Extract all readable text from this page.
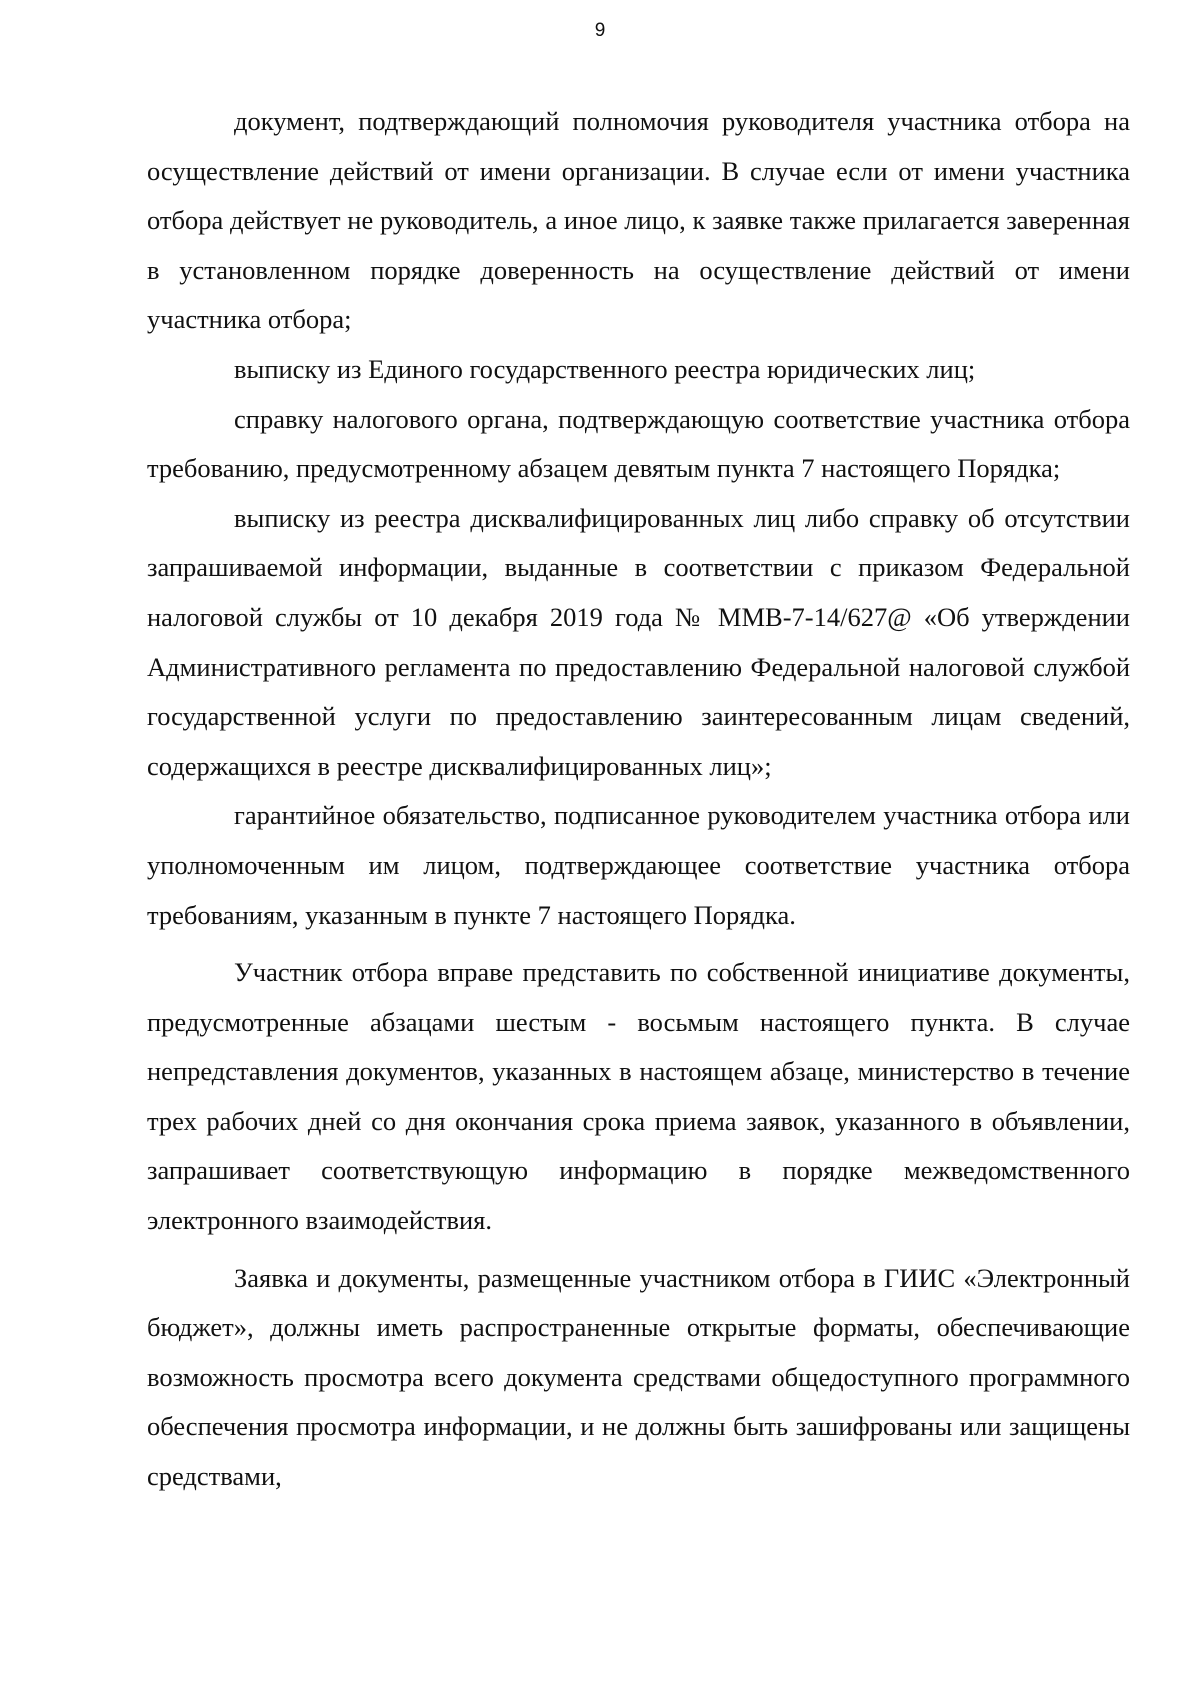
9

документ, подтверждающий полномочия руководителя участника отбора на осуществление действий от имени организации. В случае если от имени участника отбора действует не руководитель, а иное лицо, к заявке также прилагается заверенная в установленном порядке доверенность на осуществление действий от имени участника отбора;

выписку из Единого государственного реестра юридических лиц;

справку налогового органа, подтверждающую соответствие участника отбора требованию, предусмотренному абзацем девятым пункта 7 настоящего Порядка;

выписку из реестра дисквалифицированных лиц либо справку об отсутствии запрашиваемой информации, выданные в соответствии с приказом Федеральной налоговой службы от 10 декабря 2019 года № ММВ-7-14/627@ «Об утверждении Административного регламента по предоставлению Федеральной налоговой службой государственной услуги по предоставлению заинтересованным лицам сведений, содержащихся в реестре дисквалифицированных лиц»;

гарантийное обязательство, подписанное руководителем участника отбора или уполномоченным им лицом, подтверждающее соответствие участника отбора требованиям, указанным в пункте 7 настоящего Порядка.

Участник отбора вправе представить по собственной инициативе документы, предусмотренные абзацами шестым - восьмым настоящего пункта. В случае непредставления документов, указанных в настоящем абзаце, министерство в течение трех рабочих дней со дня окончания срока приема заявок, указанного в объявлении, запрашивает соответствующую информацию в порядке межведомственного электронного взаимодействия.

Заявка и документы, размещенные участником отбора в ГИИС «Электронный бюджет», должны иметь распространенные открытые форматы, обеспечивающие возможность просмотра всего документа средствами общедоступного программного обеспечения просмотра информации, и не должны быть зашифрованы или защищены средствами,
